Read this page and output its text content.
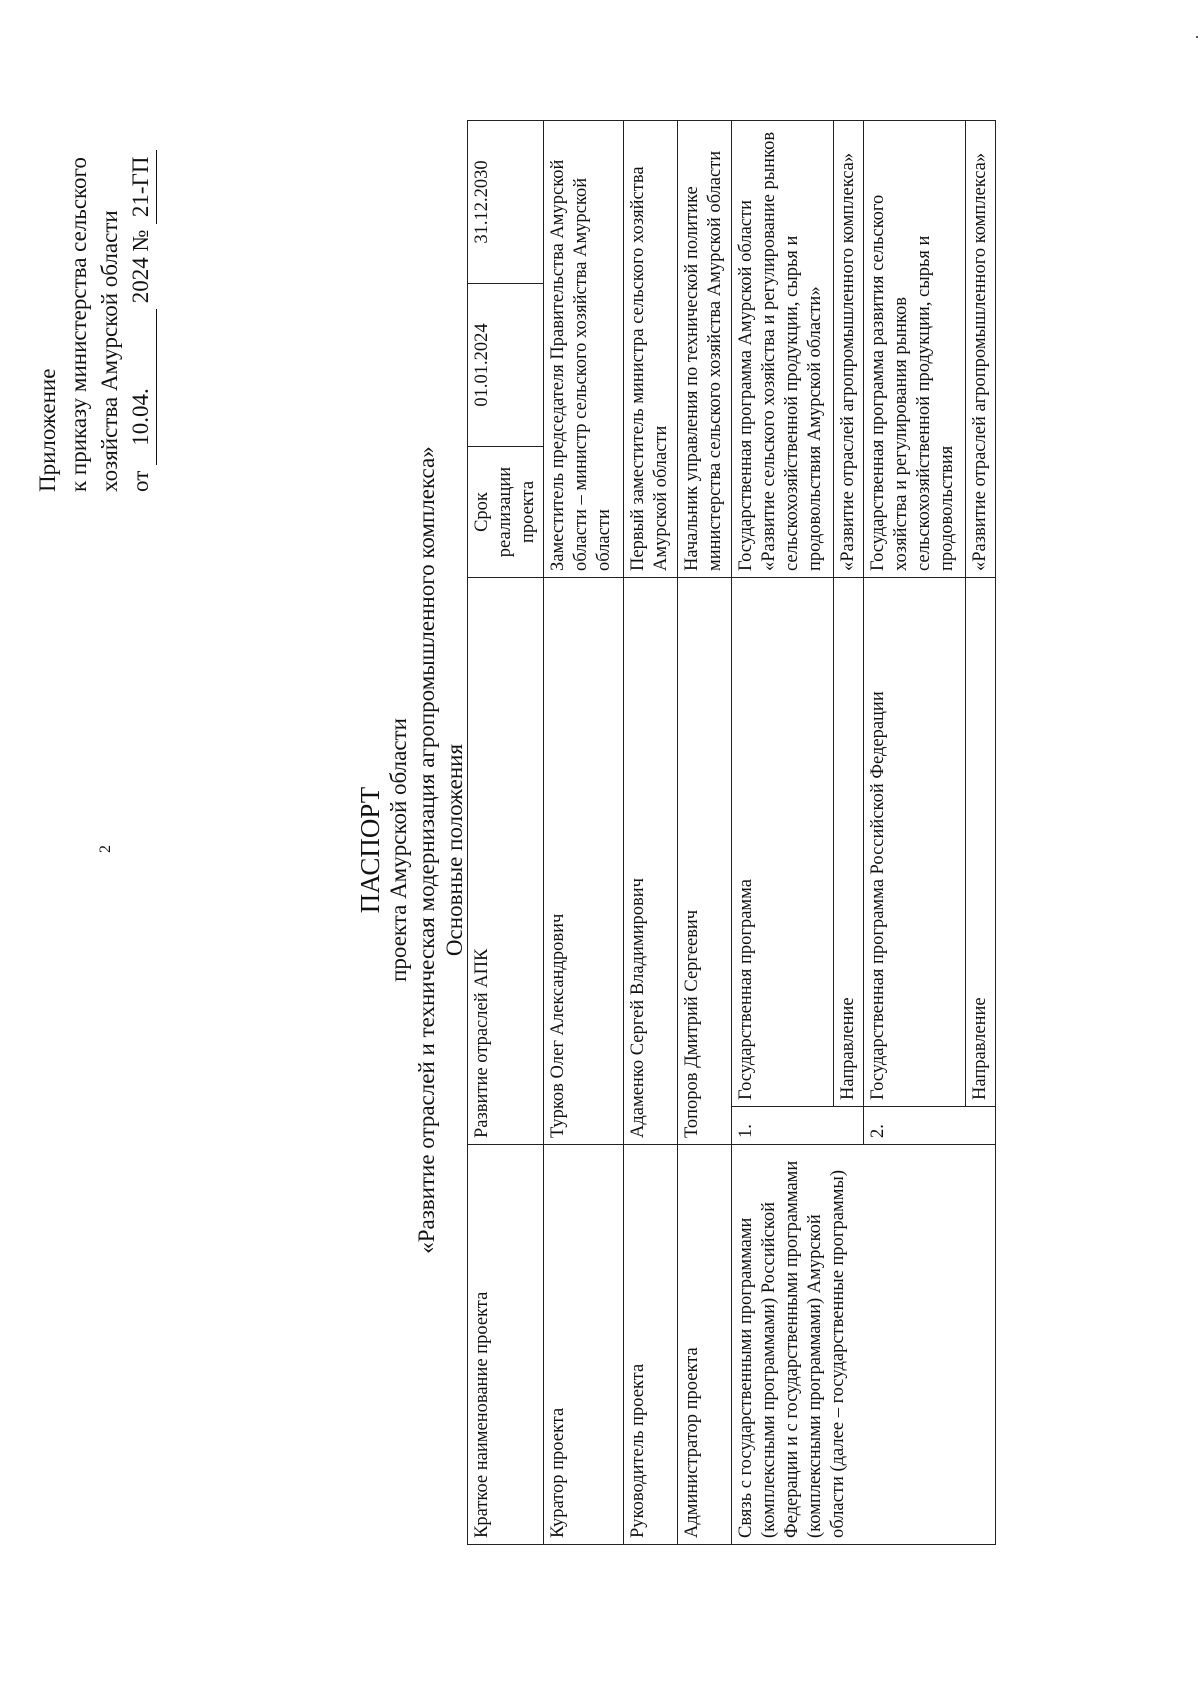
2
Приложение к приказу министерства сельского хозяйства Амурской области от 10.04.  2024 № 21-ГП
ПАСПОРТ проекта Амурской области «Развитие отраслей и техническая модернизация агропромышленного комплекса» Основные положения
Краткое наименование проекта	Развитие отраслей АПК		Срок реализации проекта	01.01.2024	31.12.2030
Куратор проекта	Турков Олег Александрович		Заместитель председателя Правительства Амурской области – министр сельского хозяйства Амурской области		
Руководитель проекта	Адаменко Сергей Владимирович		Первый заместитель министра сельского хозяйства Амурской области		
Администратор проекта	Топоров Дмитрий Сергеевич		Начальник управления по технической политике министерства сельского хозяйства Амурской области		
Связь с государственными программами (комплексными программами) Российской Федерации и с государственными программами (комплексными программами) Амурской области (далее – государственные программы)	1.	Государственная программа	Государственная программа Амурской области «Развитие сельского хозяйства и регулирование рынков сельскохозяйственной продукции, сырья и продовольствия Амурской области»		
		Направление	«Развитие отраслей агропромышленного комплекса»		
	2.	Государственная программа Российской Федерации	Государственная программа развития сельского хозяйства и регулирования рынков сельскохозяйственной продукции, сырья и продовольствия		
		Направление	«Развитие отраслей агропромышленного комплекса»		
